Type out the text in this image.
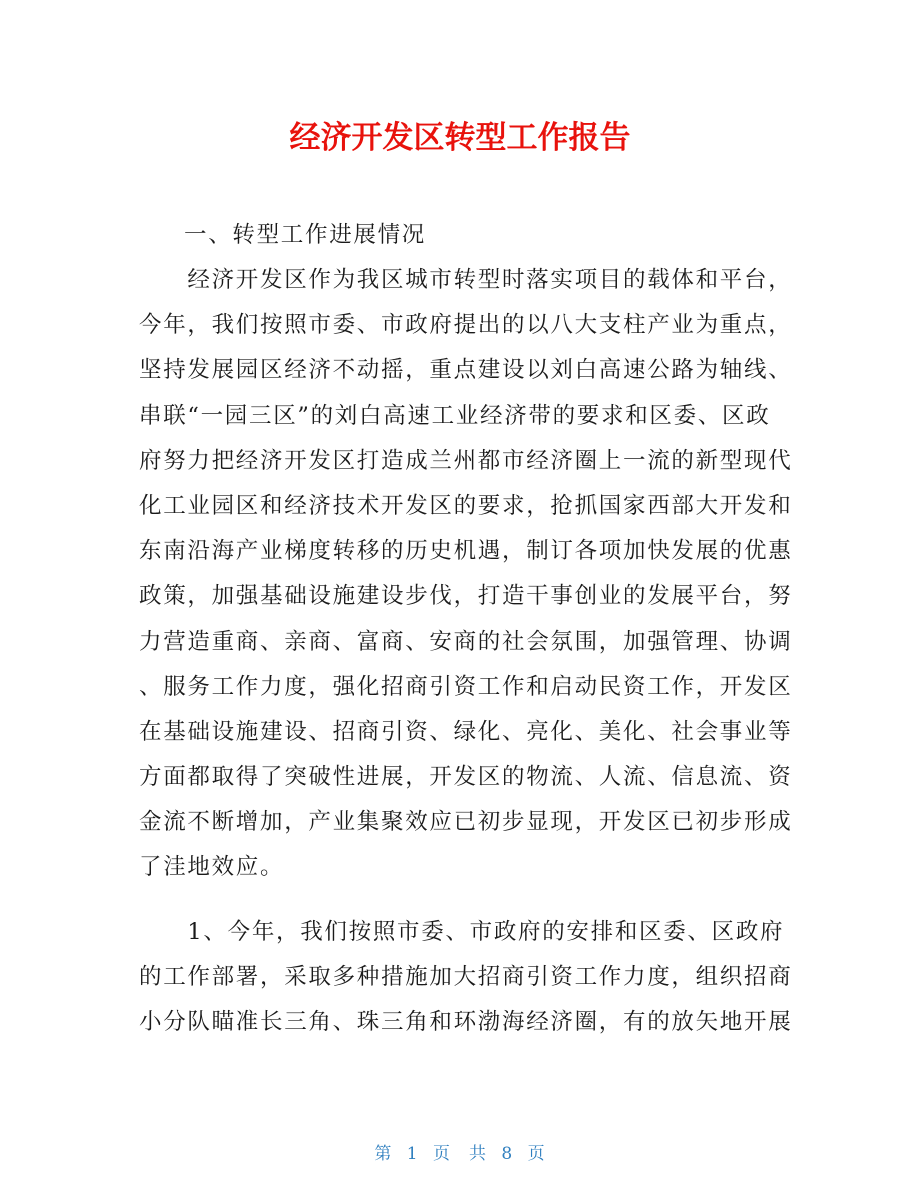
经济开发区转型工作报告
一、转型工作进展情况

　　经济开发区作为我区城市转型时落实项目的载体和平台，
今年，我们按照市委、市政府提出的以八大支柱产业为重点，
坚持发展园区经济不动摇，重点建设以刘白高速公路为轴线、
串联“一园三区”的刘白高速工业经济带的要求和区委、区政
府努力把经济开发区打造成兰州都市经济圈上一流的新型现代
化工业园区和经济技术开发区的要求，抢抓国家西部大开发和
东南沿海产业梯度转移的历史机遇，制订各项加快发展的优惠
政策，加强基础设施建设步伐，打造干事创业的发展平台，努
力营造重商、亲商、富商、安商的社会氛围，加强管理、协调
、服务工作力度，强化招商引资工作和启动民资工作，开发区
在基础设施建设、招商引资、绿化、亮化、美化、社会事业等
方面都取得了突破性进展，开发区的物流、人流、信息流、资
金流不断增加，产业集聚效应已初步显现，开发区已初步形成
了洼地效应。

　　1、今年，我们按照市委、市政府的安排和区委、区政府
的工作部署，采取多种措施加大招商引资工作力度，组织招商
小分队瞄准长三角、珠三角和环渤海经济圈，有的放矢地开展

第 1 页　共 8 页
